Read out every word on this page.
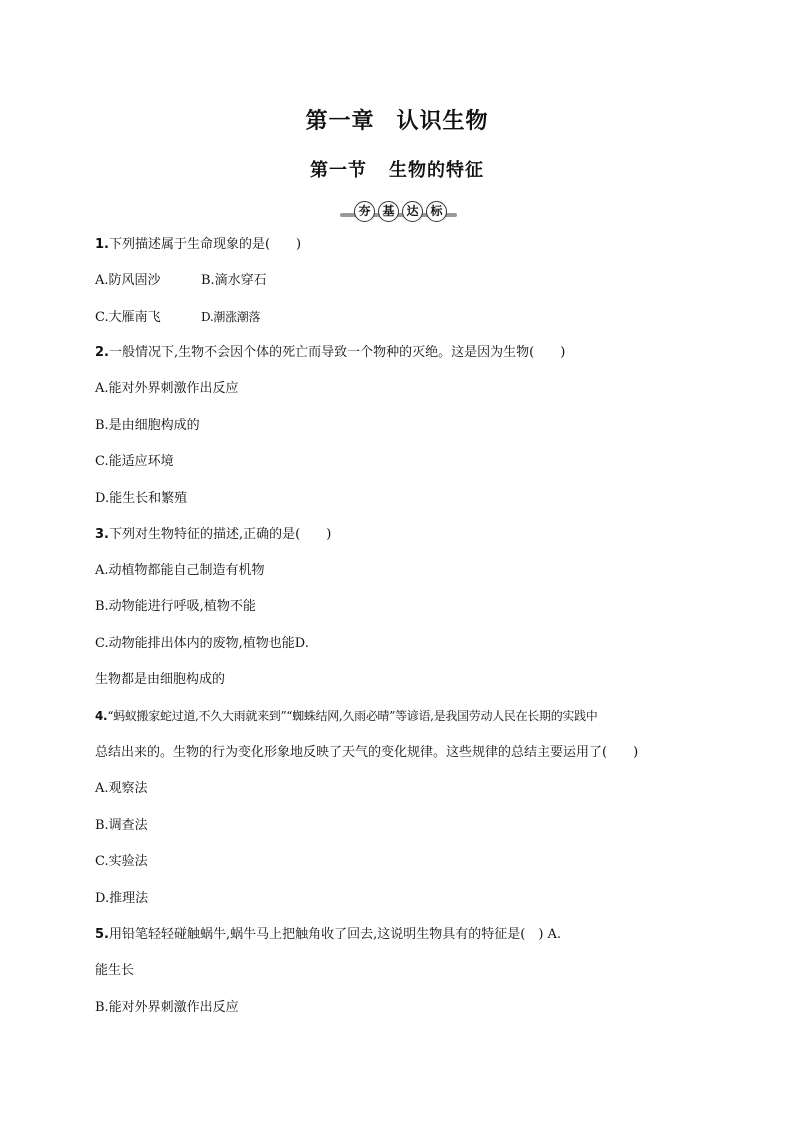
第一章 认识生物
第一节 生物的特征
夯 基 达 标
1.下列描述属于生命现象的是(　　)
A.防风固沙	B.滴水穿石
C.大雁南飞	D.潮涨潮落
2.一般情况下,生物不会因个体的死亡而导致一个物种的灭绝。这是因为生物(　　)
A.能对外界刺激作出反应
B.是由细胞构成的
C.能适应环境
D.能生长和繁殖
3.下列对生物特征的描述,正确的是(　　)
A.动植物都能自己制造有机物
B.动物能进行呼吸,植物不能
C.动物能排出体内的废物,植物也能D.
生物都是由细胞构成的
4.“蚂蚁搬家蛇过道,不久大雨就来到”“蜘蛛结网,久雨必晴”等谚语,是我国劳动人民在长期的实践中
总结出来的。生物的行为变化形象地反映了天气的变化规律。这些规律的总结主要运用了(　　)
A.观察法
B.调查法
C.实验法
D.推理法
5.用铅笔轻轻碰触蜗牛,蜗牛马上把触角收了回去,这说明生物具有的特征是(　) A.
能生长
B.能对外界刺激作出反应
